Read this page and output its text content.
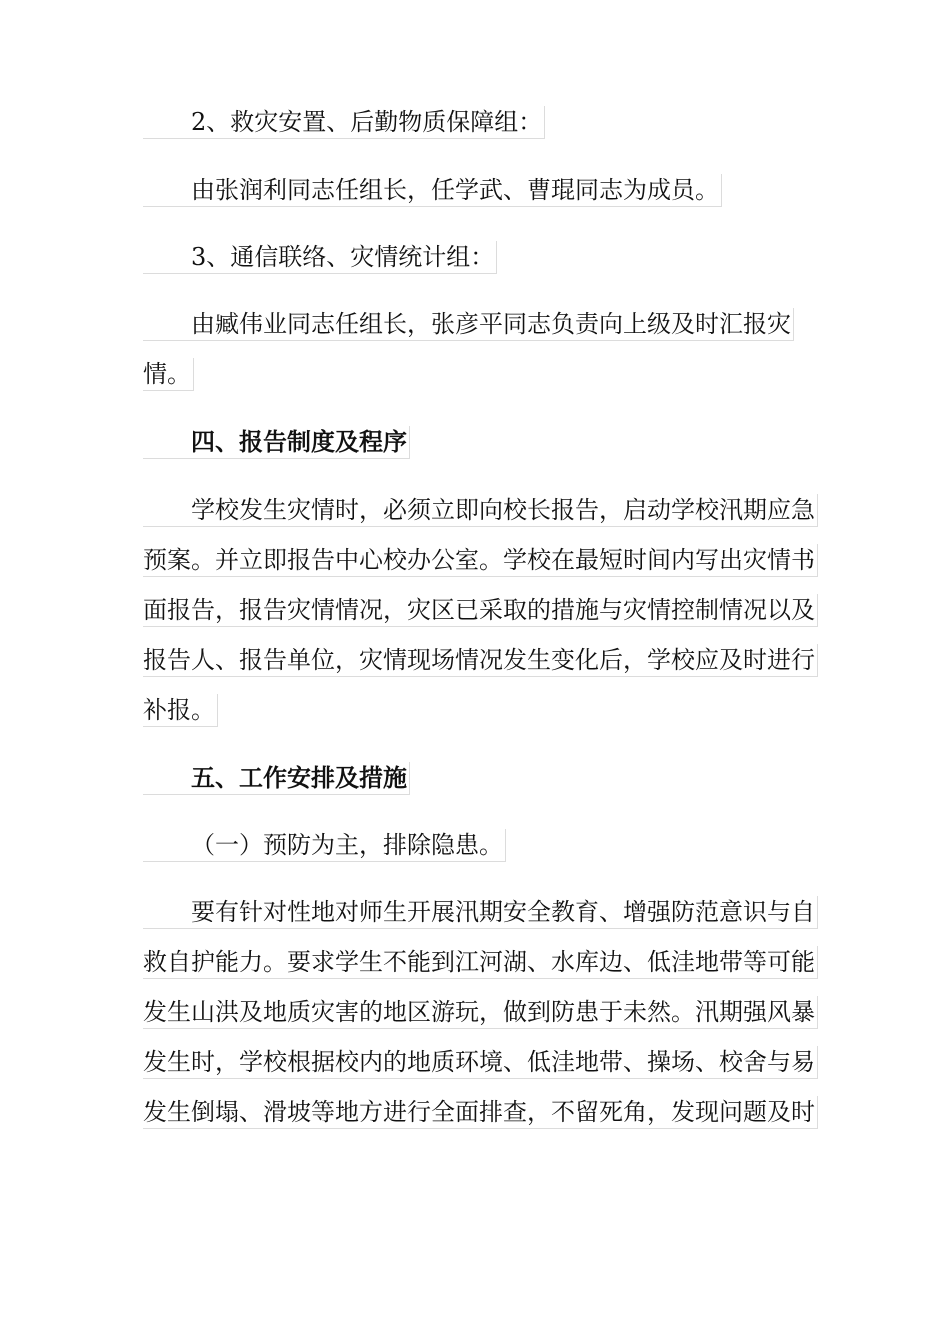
2、救灾安置、后勤物质保障组：
由张润利同志任组长，任学武、曹琨同志为成员。
3、通信联络、灾情统计组：
由臧伟业同志任组长，张彦平同志负责向上级及时汇报灾
情。
四、报告制度及程序
学校发生灾情时，必须立即向校长报告，启动学校汛期应急
预案。并立即报告中心校办公室。学校在最短时间内写出灾情书
面报告，报告灾情情况，灾区已采取的措施与灾情控制情况以及
报告人、报告单位，灾情现场情况发生变化后，学校应及时进行
补报。
五、工作安排及措施
（一）预防为主，排除隐患。
要有针对性地对师生开展汛期安全教育、增强防范意识与自
救自护能力。要求学生不能到江河湖、水库边、低洼地带等可能
发生山洪及地质灾害的地区游玩，做到防患于未然。汛期强风暴
发生时，学校根据校内的地质环境、低洼地带、操场、校舍与易
发生倒塌、滑坡等地方进行全面排查，不留死角，发现问题及时
